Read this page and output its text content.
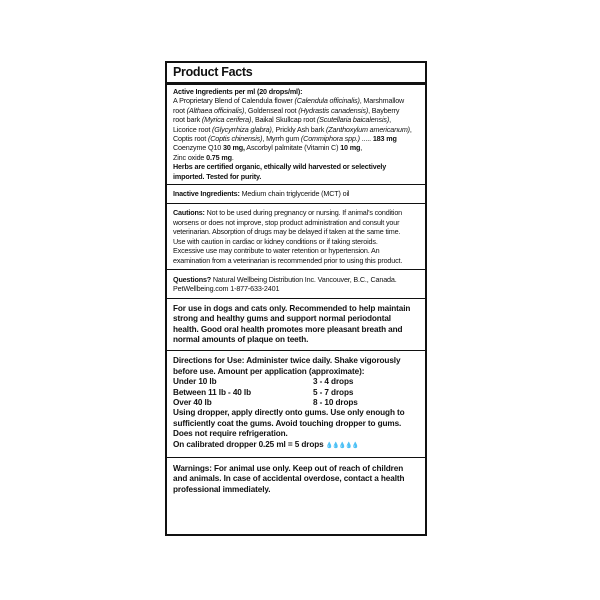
Product Facts
Active Ingredients per ml (20 drops/ml):
A Proprietary Blend of Calendula flower (Calendula officinalis), Marshmallow
root (Althaea officinalis), Goldenseal root (Hydrastis canadensis), Bayberry
root bark (Myrica cerifera), Baikal Skullcap root (Scutellaria baicalensis),
Licorice root (Glycyrrhiza glabra), Prickly Ash bark (Zanthoxylum americanum),
Coptis root (Coptis chinensis), Myrrh gum (Commiphora spp.) ..... 183 mg
Coenzyme Q10 30 mg, Ascorbyl palmitate (Vitamin C) 10 mg,
Zinc oxide 0.75 mg.
Herbs are certified organic, ethically wild harvested or selectively
imported. Tested for purity.
Inactive Ingredients: Medium chain triglyceride (MCT) oil
Cautions: Not to be used during pregnancy or nursing. If animal's condition
worsens or does not improve, stop product administration and consult your
veterinarian. Absorption of drugs may be delayed if taken at the same time.
Use with caution in cardiac or kidney conditions or if taking steroids.
Excessive use may contribute to water retention or hypertension. An
examination from a veterinarian is recommended prior to using this product.
Questions? Natural Wellbeing Distribution Inc. Vancouver, B.C., Canada.
PetWellbeing.com 1-877-633-2401
For use in dogs and cats only. Recommended to help maintain
strong and healthy gums and support normal periodontal
health. Good oral health promotes more pleasant breath and
normal amounts of plaque on teeth.
Directions for Use: Administer twice daily. Shake vigorously
before use. Amount per application (approximate):
Under 10 lb	3 - 4 drops
Between 11 lb - 40 lb	5 - 7 drops
Over 40 lb	8 - 10 drops
Using dropper, apply directly onto gums. Use only enough to
sufficiently coat the gums. Avoid touching dropper to gums.
Does not require refrigeration.
On calibrated dropper 0.25 ml = 5 drops 💧💧💧💧💧
Warnings: For animal use only. Keep out of reach of children
and animals. In case of accidental overdose, contact a health
professional immediately.
